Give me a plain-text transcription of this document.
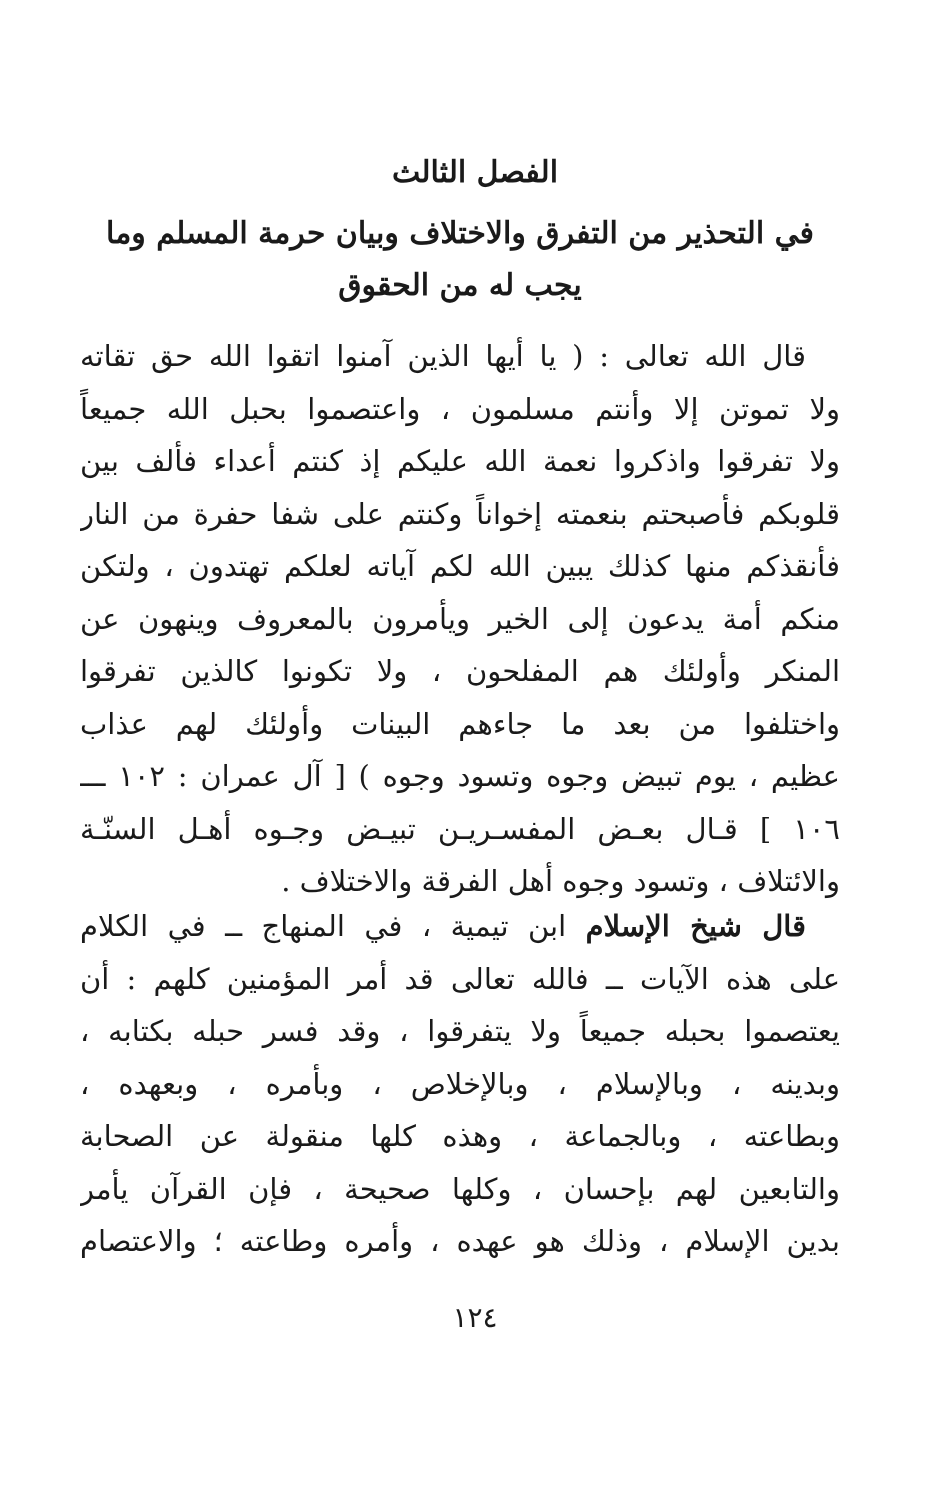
الفصل الثالث
في التحذير من التفرق والاختلاف وبيان حرمة المسلم وما
يجب له من الحقوق
قال الله تعالى : ( يا أيها الذين آمنوا اتقوا الله حق تقاته
ولا تموتن إلا وأنتم مسلمون ، واعتصموا بحبل الله جميعاً
ولا تفرقوا واذكروا نعمة الله عليكم إذ كنتم أعداء فألف بين
قلوبكم فأصبحتم بنعمته إخواناً وكنتم على شفا حفرة من النار
فأنقذكم منها كذلك يبين الله لكم آياته لعلكم تهتدون ، ولتكن
منكم أمة يدعون إلى الخير ويأمرون بالمعروف وينهون عن
المنكر وأولئك هم المفلحون ، ولا تكونوا كالذين تفرقوا
واختلفوا من بعد ما جاءهم البينات وأولئك لهم عذاب
عظيم ، يوم تبيض وجوه وتسود وجوه ) [ آل عمران : ١٠٢ ـــ
١٠٦ ] قـال بعـض المفسـريـن تبيـض وجـوه أهـل السنّـة
والائتلاف ، وتسود وجوه أهل الفرقة والاختلاف .
قال شيخ الإسلام ابن تيمية ، في المنهاج ــ في الكلام
على هذه الآيات ــ فالله تعالى قد أمر المؤمنين كلهم : أن
يعتصموا بحبله جميعاً ولا يتفرقوا ، وقد فسر حبله بكتابه ،
وبدينه ، وبالإسلام ، وبالإخلاص ، وبأمره ، وبعهده ،
وبطاعته ، وبالجماعة ، وهذه كلها منقولة عن الصحابة
والتابعين لهم بإحسان ، وكلها صحيحة ، فإن القرآن يأمر
بدين الإسلام ، وذلك هو عهده ، وأمره وطاعته ؛ والاعتصام
١٢٤
